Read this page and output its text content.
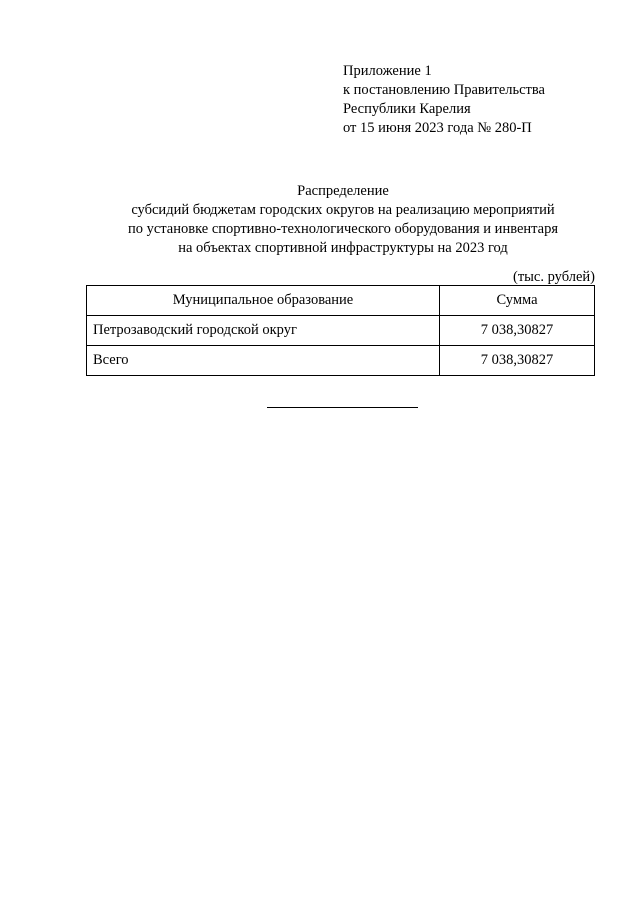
Приложение 1
к постановлению Правительства
Республики Карелия
от 15 июня 2023 года № 280-П
Распределение
субсидий бюджетам городских округов на реализацию мероприятий
по установке спортивно-технологического оборудования и инвентаря
на объектах спортивной инфраструктуры на 2023 год
(тыс. рублей)
Муниципальное образование	Сумма
Петрозаводский городской округ	7 038,30827
Всего	7 038,30827
